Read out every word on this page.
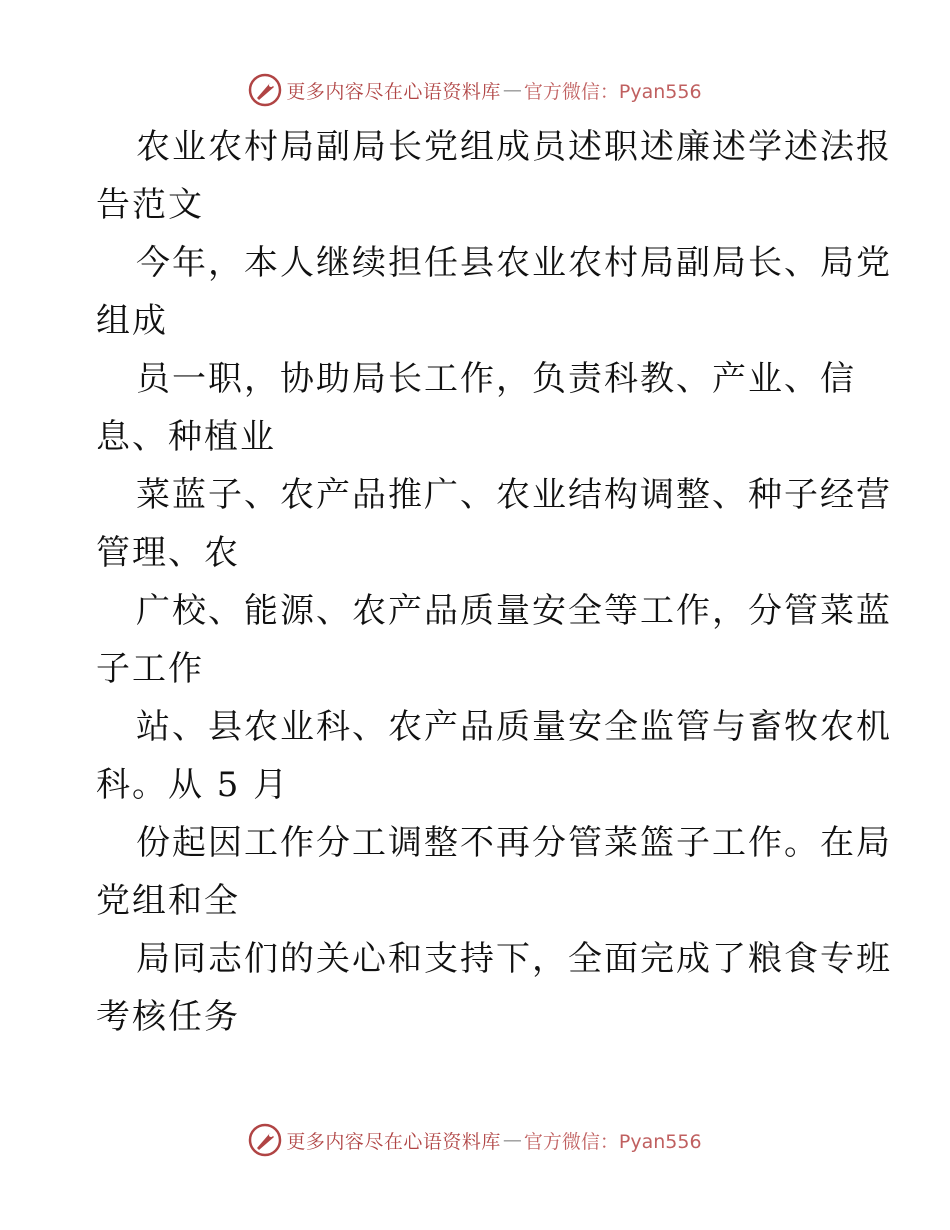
更多内容尽在心语资料库 — 官方微信：Pyan556
农业农村局副局长党组成员述职述廉述学述法报
告范文
今年，本人继续担任县农业农村局副局长、局党
组成
员一职，协助局长工作，负责科教、产业、信
息、种植业
菜蓝子、农产品推广、农业结构调整、种子经营
管理、农
广校、能源、农产品质量安全等工作，分管菜蓝
子工作
站、县农业科、农产品质量安全监管与畜牧农机
科。从 5 月
份起因工作分工调整不再分管菜篮子工作。在局
党组和全
局同志们的关心和支持下，全面完成了粮食专班
考核任务
更多内容尽在心语资料库 — 官方微信：Pyan556
